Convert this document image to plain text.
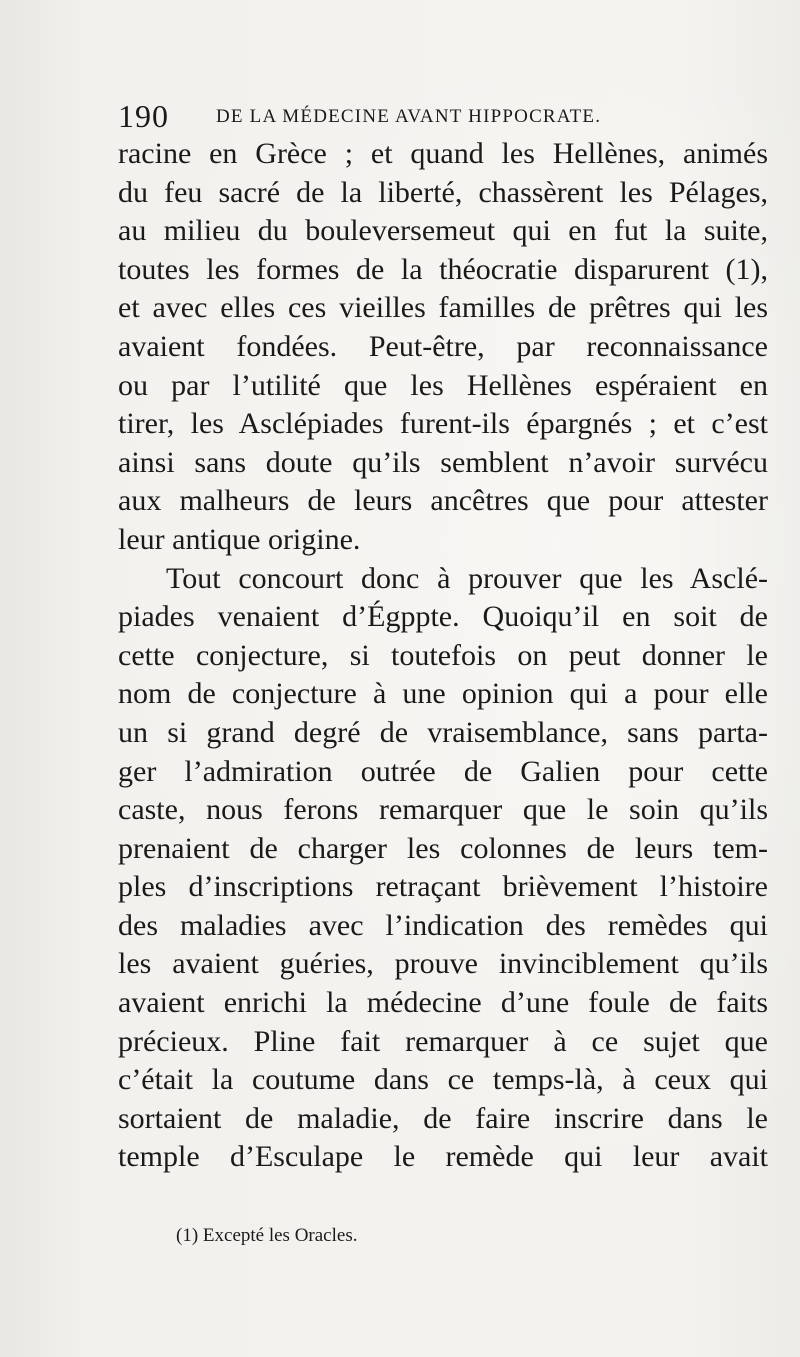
190 DE LA MÉDECINE AVANT HIPPOCRATE.
racine en Grèce ; et quand les Hellènes, animés
du feu sacré de la liberté, chassèrent les Pélages,
au milieu du bouleversemeut qui en fut la suite,
toutes les formes de la théocratie disparurent (1),
et avec elles ces vieilles familles de prêtres qui les
avaient fondées. Peut-être, par reconnaissance
ou par l’utilité que les Hellènes espéraient en
tirer, les Asclépiades furent-ils épargnés ; et c’est
ainsi sans doute qu’ils semblent n’avoir survécu
aux malheurs de leurs ancêtres que pour attester
leur antique origine.
Tout concourt donc à prouver que les Asclé-
piades venaient d’Égppte. Quoiqu’il en soit de
cette conjecture, si toutefois on peut donner le
nom de conjecture à une opinion qui a pour elle
un si grand degré de vraisemblance, sans parta-
ger l’admiration outrée de Galien pour cette
caste, nous ferons remarquer que le soin qu’ils
prenaient de charger les colonnes de leurs tem-
ples d’inscriptions retraçant brièvement l’histoire
des maladies avec l’indication des remèdes qui
les avaient guéries, prouve invinciblement qu’ils
avaient enrichi la médecine d’une foule de faits
précieux. Pline fait remarquer à ce sujet que
c’était la coutume dans ce temps-là, à ceux qui
sortaient de maladie, de faire inscrire dans le
temple d’Esculape le remède qui leur avait
(1) Excepté les Oracles.
